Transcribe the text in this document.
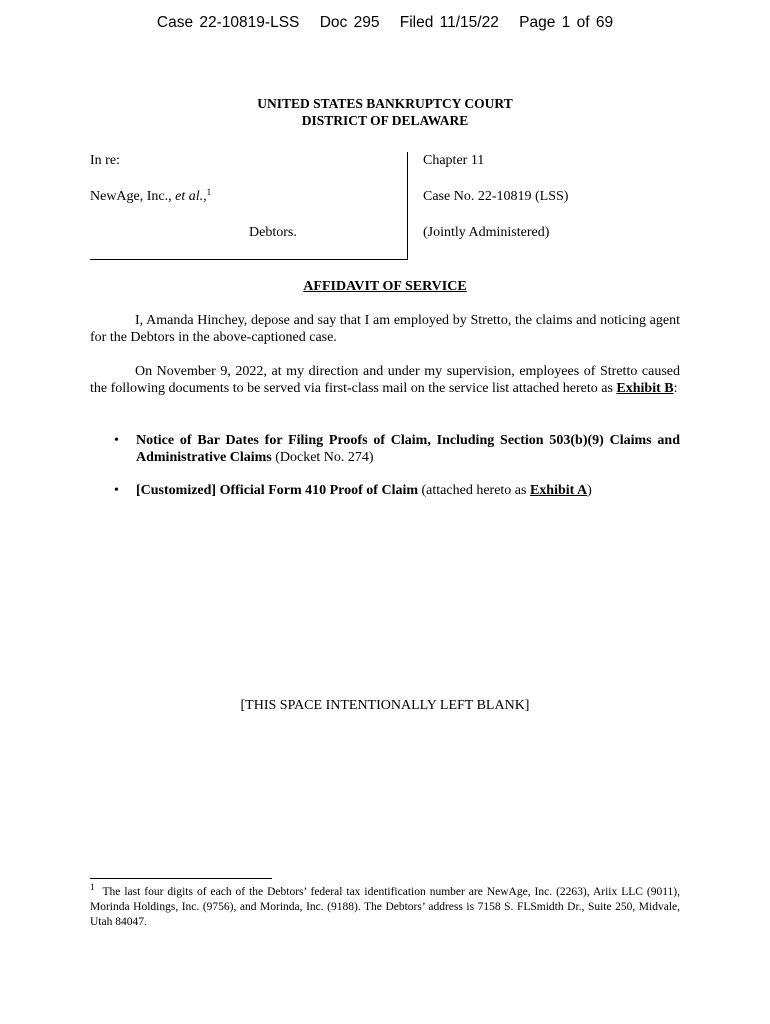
Case 22-10819-LSS Doc 295 Filed 11/15/22 Page 1 of 69
UNITED STATES BANKRUPTCY COURT
DISTRICT OF DELAWARE
In re:
NewAge, Inc., et al.,$^1$
Debtors.
Chapter 11
Case No. 22-10819 (LSS)
(Jointly Administered)
AFFIDAVIT OF SERVICE

I, Amanda Hinchey, depose and say that I am employed by Stretto, the claims and noticing agent for the Debtors in the above-captioned case.

On November 9, 2022, at my direction and under my supervision, employees of Stretto caused the following documents to be served via first-class mail on the service list attached hereto as Exhibit B:

• Notice of Bar Dates for Filing Proofs of Claim, Including Section 503(b)(9) Claims and Administrative Claims (Docket No. 274)
• [Customized] Official Form 410 Proof of Claim (attached hereto as Exhibit A)
[THIS SPACE INTENTIONALLY LEFT BLANK]

$^1$ The last four digits of each of the Debtors’ federal tax identification number are NewAge, Inc. (2263), Ariix LLC (9011), Morinda Holdings, Inc. (9756), and Morinda, Inc. (9188). The Debtors’ address is 7158 S. FLSmidth Dr., Suite 250, Midvale, Utah 84047.
